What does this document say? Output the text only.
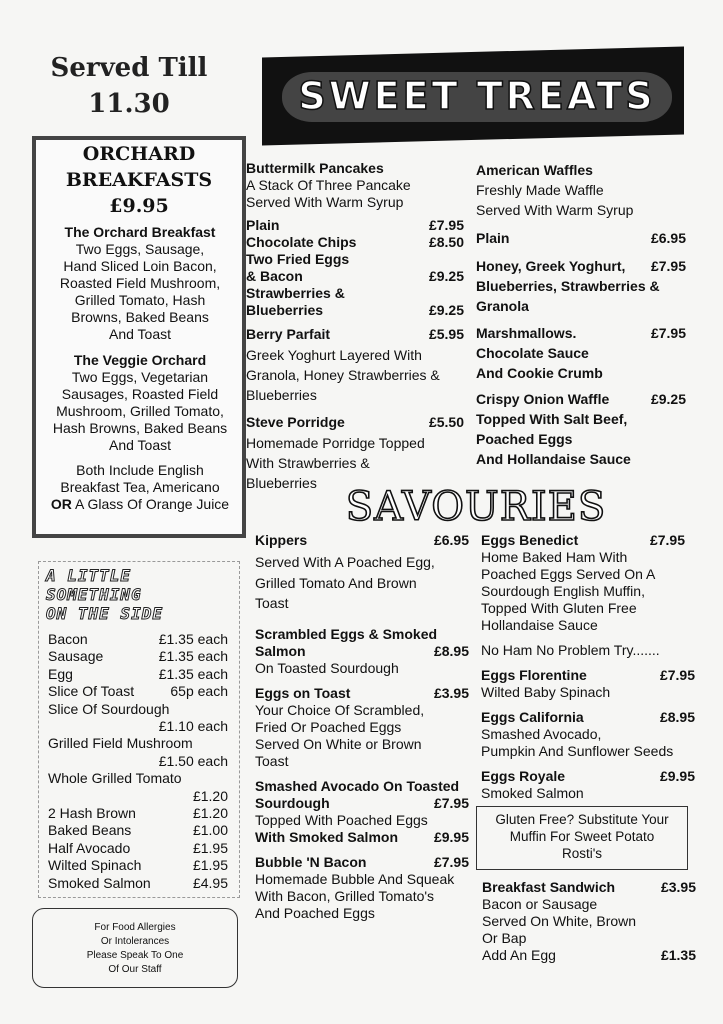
Served Till
11.30	SWEET TREATS
ORCHARD
BREAKFASTS
£9.95
The Orchard Breakfast
Two Eggs, Sausage,
Hand Sliced Loin Bacon,
Roasted Field Mushroom,
Grilled Tomato, Hash
Browns, Baked Beans
And Toast
The Veggie Orchard
Two Eggs, Vegetarian
Sausages, Roasted Field
Mushroom, Grilled Tomato,
Hash Browns, Baked Beans
And Toast
Both Include English
Breakfast Tea, Americano
OR A Glass Of Orange Juice
A LITTLE
SOMETHING
ON THE SIDE
Bacon	£1.35 each
Sausage	£1.35 each
Egg	£1.35 each
Slice Of Toast	65p each
Slice Of Sourdough

£1.10 each
Grilled Field Mushroom

£1.50 each
Whole Grilled Tomato

£1.20
2 Hash Brown	£1.20
Baked Beans	£1.00
Half Avocado	£1.95
Wilted Spinach	£1.95
Smoked Salmon	£4.95
For Food Allergies
Or Intolerances
Please Speak To One
Of Our Staff
Buttermilk Pancakes
A Stack Of Three Pancake
Served With Warm Syrup
Plain	£7.95
Chocolate Chips	£8.50
Two Fried Eggs
& Bacon	£9.25
Strawberries &
Blueberries	£9.25
Berry Parfait	£5.95
Greek Yoghurt Layered With
Granola, Honey Strawberries &
Blueberries
Steve Porridge	£5.50
Homemade Porridge Topped
With Strawberries &
Blueberries
American Waffles
Freshly Made Waffle
Served With Warm Syrup
Plain	£6.95
Honey, Greek Yoghurt, £7.95
Blueberries, Strawberries &
Granola
Marshmallows.	£7.95
Chocolate Sauce
And Cookie Crumb
Crispy Onion Waffle	£9.25
Topped With Salt Beef,
Poached Eggs
And Hollandaise Sauce
SAVOURIES
Kippers	£6.95
Served With A Poached Egg,
Grilled Tomato And Brown
Toast
Scrambled Eggs & Smoked
Salmon	£8.95
On Toasted Sourdough
Eggs on Toast	£3.95
Your Choice Of Scrambled,
Fried Or Poached Eggs
Served On White or Brown
Toast
Smashed Avocado On Toasted
Sourdough	£7.95
Topped With Poached Eggs
With Smoked Salmon	£9.95
Bubble 'N Bacon	£7.95
Homemade Bubble And Squeak
With Bacon, Grilled Tomato's
And Poached Eggs
Eggs Benedict	£7.95
Home Baked Ham With
Poached Eggs Served On A
Sourdough English Muffin,
Topped With Gluten Free
Hollandaise Sauce
No Ham No Problem Try.......
Eggs Florentine	£7.95
Wilted Baby Spinach
Eggs California	£8.95
Smashed Avocado,
Pumpkin And Sunflower Seeds
Eggs Royale	£9.95
Smoked Salmon
Gluten Free? Substitute Your
Muffin For Sweet Potato
Rosti's
Breakfast Sandwich	£3.95
Bacon or Sausage
Served On White, Brown
Or Bap
Add An Egg	£1.35
